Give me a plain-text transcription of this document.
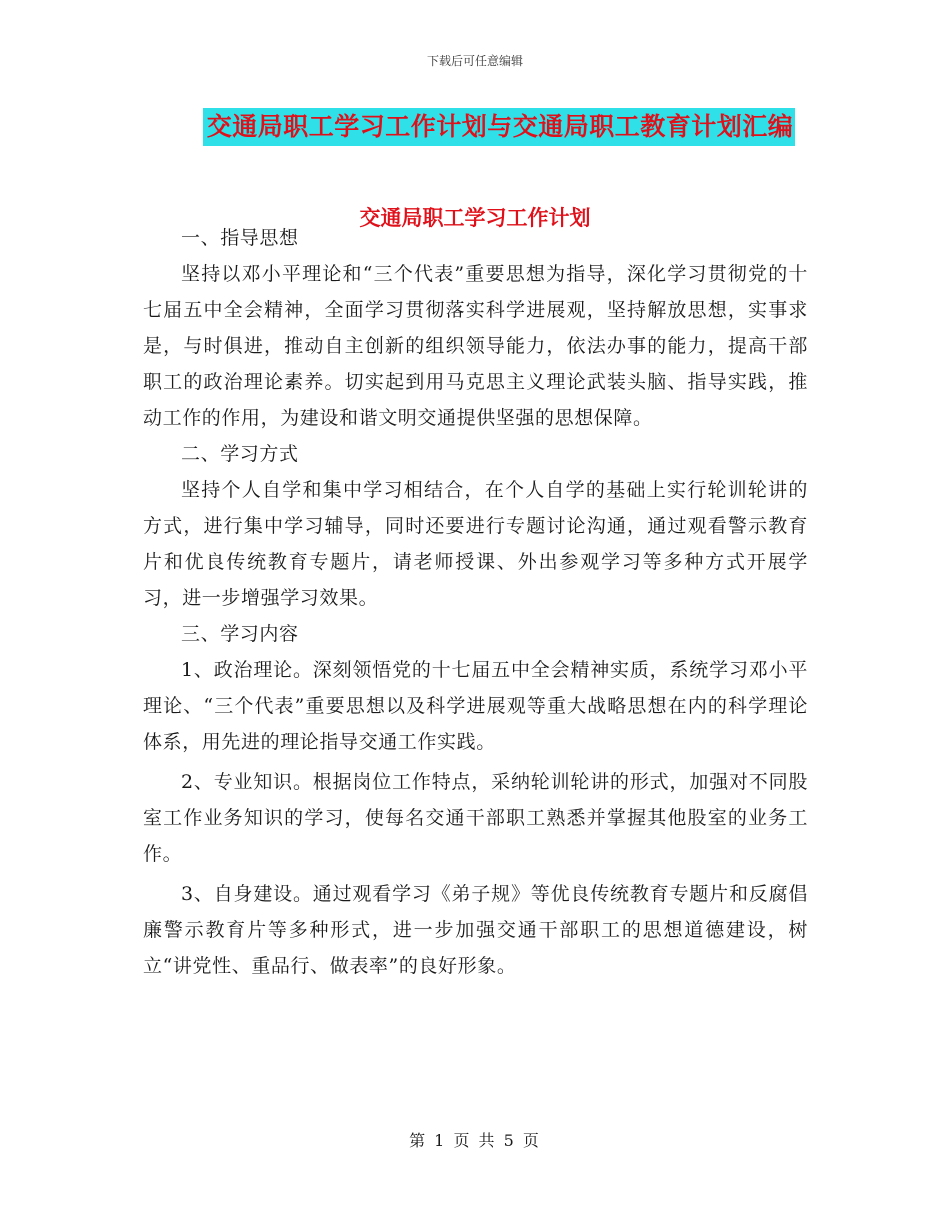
下载后可任意编辑
交通局职工学习工作计划与交通局职工教育计划汇编
交通局职工学习工作计划

一、指导思想

坚持以邓小平理论和“三个代表”重要思想为指导，深化学习贯彻党的十七届五中全会精神，全面学习贯彻落实科学进展观，坚持解放思想，实事求是，与时俱进，推动自主创新的组织领导能力，依法办事的能力，提高干部职工的政治理论素养。切实起到用马克思主义理论武装头脑、指导实践，推动工作的作用，为建设和谐文明交通提供坚强的思想保障。

二、学习方式

坚持个人自学和集中学习相结合，在个人自学的基础上实行轮训轮讲的方式，进行集中学习辅导，同时还要进行专题讨论沟通，通过观看警示教育片和优良传统教育专题片，请老师授课、外出参观学习等多种方式开展学习，进一步增强学习效果。

三、学习内容

1、政治理论。深刻领悟党的十七届五中全会精神实质，系统学习邓小平理论、“三个代表”重要思想以及科学进展观等重大战略思想在内的科学理论体系，用先进的理论指导交通工作实践。

2、专业知识。根据岗位工作特点，采纳轮训轮讲的形式，加强对不同股室工作业务知识的学习，使每名交通干部职工熟悉并掌握其他股室的业务工作。

3、自身建设。通过观看学习《弟子规》等优良传统教育专题片和反腐倡廉警示教育片等多种形式，进一步加强交通干部职工的思想道德建设，树立“讲党性、重品行、做表率”的良好形象。

第 1 页 共 5 页
